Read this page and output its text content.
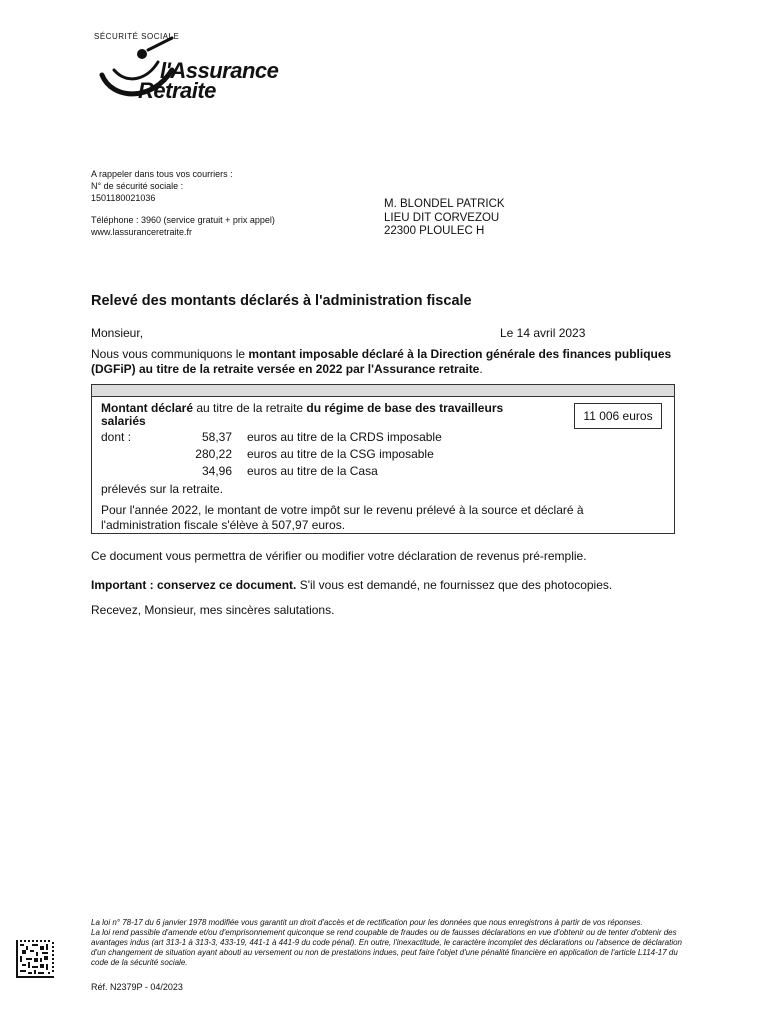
SÉCURITÉ SOCIALE
l'Assurance
Retraite
A rappeler dans tous vos courriers :
N° de sécurité sociale :
1501180021036
Téléphone : 3960 (service gratuit + prix appel)
www.lassuranceretraite.fr
M. BLONDEL PATRICK
LIEU DIT CORVEZOU
22300 PLOULEC H
Relevé des montants déclarés à l'administration fiscale
Monsieur,	Le 14 avril 2023
Nous vous communiquons le montant imposable déclaré à la Direction générale des finances publiques (DGFiP) au titre de la retraite versée en 2022 par l'Assurance retraite.
Montant déclaré au titre de la retraite du régime de base des travailleurs salariés	11 006 euros
dont :	58,37 euros au titre de la CRDS imposable
280,22 euros au titre de la CSG imposable
34,96 euros au titre de la Casa
prélevés sur la retraite.
Pour l'année 2022, le montant de votre impôt sur le revenu prélevé à la source et déclaré à l'administration fiscale s'élève à 507,97 euros.
Ce document vous permettra de vérifier ou modifier votre déclaration de revenus pré-remplie.
Important : conservez ce document. S'il vous est demandé, ne fournissez que des photocopies.
Recevez, Monsieur, mes sincères salutations.
La loi n° 78-17 du 6 janvier 1978 modifiée vous garantit un droit d'accès et de rectification pour les données que nous enregistrons à partir de vos réponses.
La loi rend passible d'amende et/ou d'emprisonnement quiconque se rend coupable de fraudes ou de fausses déclarations en vue d'obtenir ou de tenter d'obtenir des avantages indus (art 313-1 à 313-3, 433-19, 441-1 à 441-9 du code pénal). En outre, l'inexactitude, le caractère incomplet des déclarations ou l'absence de déclaration d'un changement de situation ayant abouti au versement ou non de prestations indues, peut faire l'objet d'une pénalité financière en application de l'article L114-17 du code de la sécurité sociale.
Réf. N2379P - 04/2023
